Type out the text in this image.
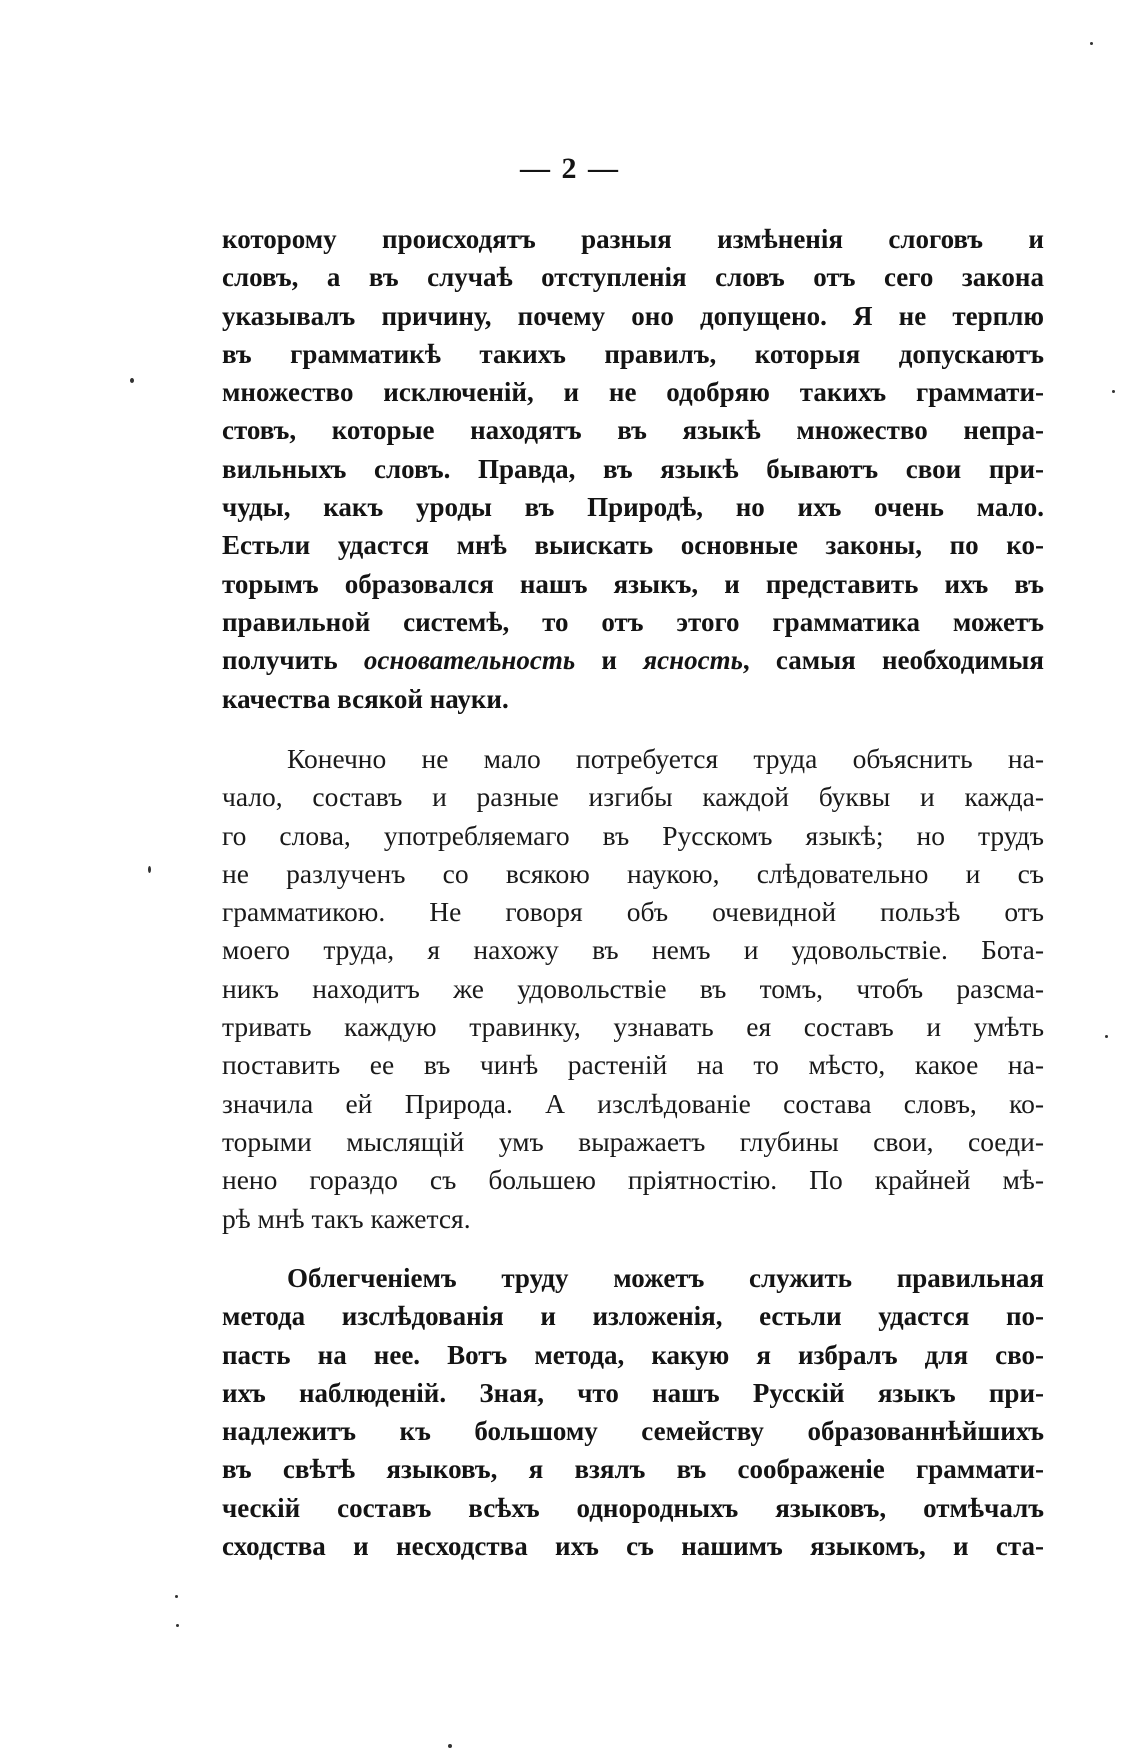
— 2 —
которому происходятъ разныя измѣненія слоговъ и
словъ, а въ случаѣ отступленія словъ отъ сего закона
указывалъ причину, почему оно допущено. Я не терплю
въ грамматикѣ такихъ правилъ, которыя допускаютъ
множество исключеній, и не одобряю такихъ граммати-
стовъ, которые находятъ въ языкѣ множество непра-
вильныхъ словъ. Правда, въ языкѣ бываютъ свои при-
чуды, какъ уроды въ Природѣ, но ихъ очень мало.
Естьли удастся мнѣ выискать основные законы, по ко-
торымъ образовался нашъ языкъ, и представить ихъ въ
правильной системѣ, то отъ этого грамматика можетъ
получить основательность и ясность, самыя необходимыя
качества всякой науки.
Конечно не мало потребуется труда объяснить на-
чало, составъ и разные изгибы каждой буквы и кажда-
го слова, употребляемаго въ Русскомъ языкѣ; но трудъ
не разлученъ со всякою наукою, слѣдовательно и съ
грамматикою. Не говоря объ очевидной пользѣ отъ
моего труда, я нахожу въ немъ и удовольствіе. Бота-
никъ находитъ же удовольствіе въ томъ, чтобъ разсма-
тривать каждую травинку, узнавать ея составъ и умѣть
поставить ее въ чинѣ растеній на то мѣсто, какое на-
значила ей Природа. А изслѣдованіе состава словъ, ко-
торыми мыслящій умъ выражаетъ глубины свои, соеди-
нено гораздо съ большею пріятностію. По крайней мѣ-
рѣ мнѣ такъ кажется.
Облегченіемъ труду можетъ служить правильная
метода изслѣдованія и изложенія, естьли удастся по-
пасть на нее. Вотъ метода, какую я избралъ для сво-
ихъ наблюденій. Зная, что нашъ Русскій языкъ при-
надлежитъ къ большому семейству образованнѣйшихъ
въ свѣтѣ языковъ, я взялъ въ соображеніе граммати-
ческій составъ всѣхъ однородныхъ языковъ, отмѣчалъ
сходства и несходства ихъ съ нашимъ языкомъ, и ста-
